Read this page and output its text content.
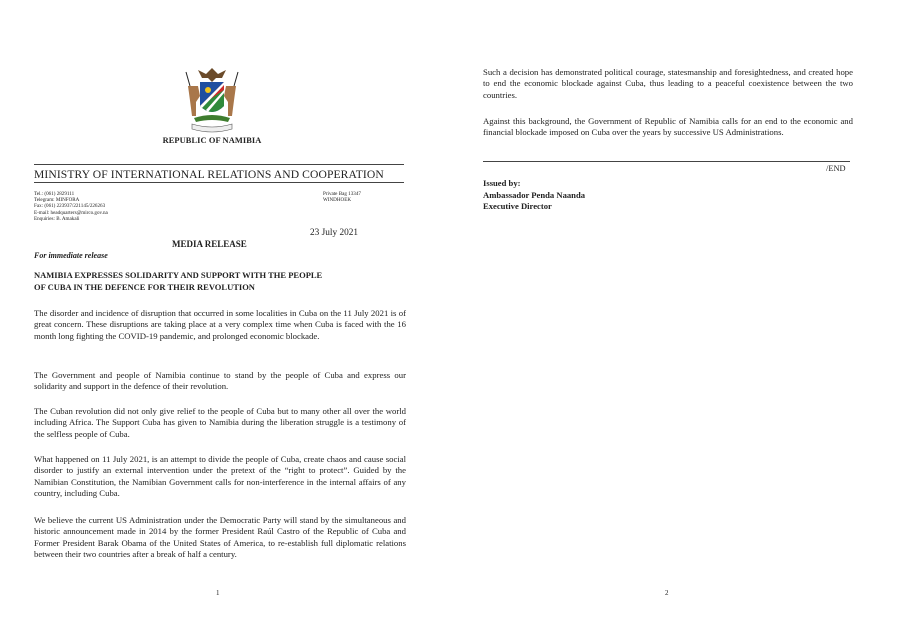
REPUBLIC OF NAMIBIA
MINISTRY OF INTERNATIONAL RELATIONS AND COOPERATION
Tel.: (061) 2829111
Telegram: MINFORA
Fax: (061) 223937/221145/226263
E-mail: headquarters@mirco.gov.na
Enquiries: B. Amakali
Private Bag 13347
WINDHOEK
23 July 2021
MEDIA RELEASE
For immediate release
NAMIBIA EXPRESSES SOLIDARITY AND SUPPORT WITH THE PEOPLE
OF CUBA IN THE DEFENCE FOR THEIR REVOLUTION

The disorder and incidence of disruption that occurred in some localities in Cuba on the 11 July 2021 is of great concern. These disruptions are taking place at a very complex time when Cuba is faced with the 16 month long fighting the COVID-19 pandemic, and prolonged economic blockade.

The Government and people of Namibia continue to stand by the people of Cuba and express our solidarity and support in the defence of their revolution.

The Cuban revolution did not only give relief to the people of Cuba but to many other all over the world including Africa. The Support Cuba has given to Namibia during the liberation struggle is a testimony of the selfless people of Cuba.

What happened on 11 July 2021, is an attempt to divide the people of Cuba, create chaos and cause social disorder to justify an external intervention under the pretext of the “right to protect”. Guided by the Namibian Constitution, the Namibian Government calls for non-interference in the internal affairs of any country, including Cuba.

We believe the current US Administration under the Democratic Party will stand by the simultaneous and historic announcement made in 2014 by the former President Raúl Castro of the Republic of Cuba and Former President Barak Obama of the United States of America, to re-establish full diplomatic relations between their two countries after a break of half a century.

1

Such a decision has demonstrated political courage, statesmanship and foresightedness, and created hope to end the economic blockade against Cuba, thus leading to a peaceful coexistence between the two countries.

Against this background, the Government of Republic of Namibia calls for an end to the economic and financial blockade imposed on Cuba over the years by successive US Administrations.

/END
Issued by:
Ambassador Penda Naanda
Executive Director
2
